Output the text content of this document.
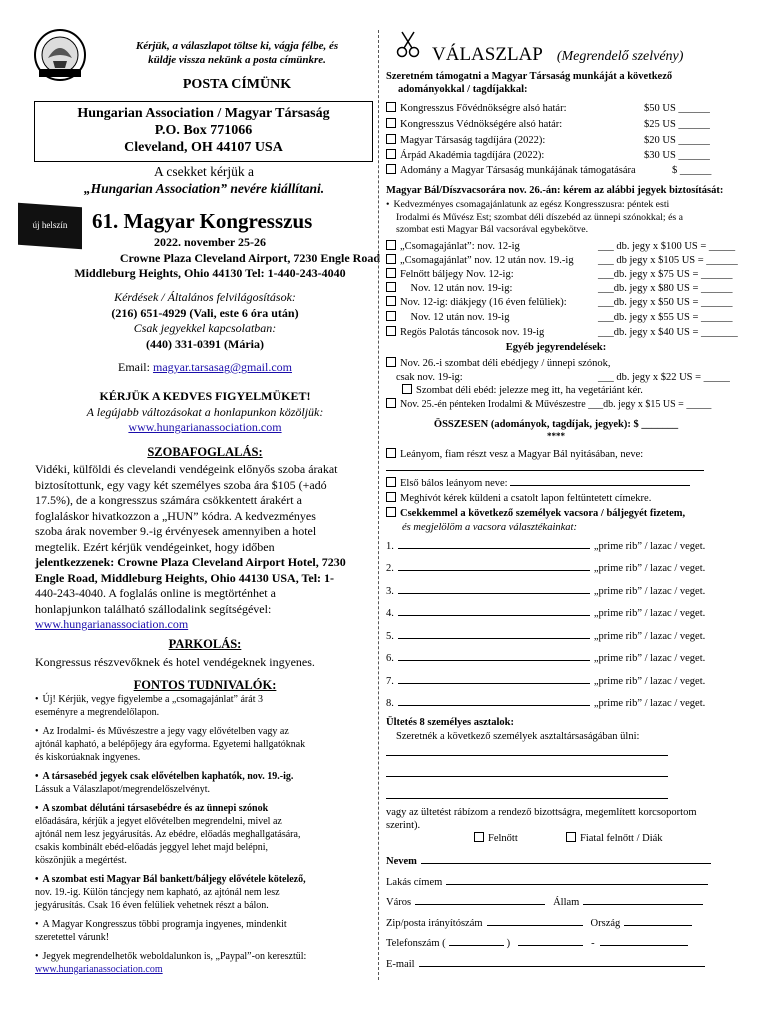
Kérjük, a válaszlapot töltse ki, vágja félbe, és
küldje vissza nekünk a posta címünkre.
POSTA CÍMÜNK
Hungarian Association / Magyar Társaság
P.O. Box 771066
Cleveland, OH 44107 USA
A csekket kérjük a
„Hungarian Association” nevére kiállítani.
új helszín	61. Magyar Kongresszus
2022. november 25-26
Crowne Plaza Cleveland Airport, 7230 Engle Road
Middleburg Heights, Ohio 44130 Tel: 1-440-243-4040
Kérdések / Általános felvilágosítások:
(216) 651-4929 (Vali, este 6 óra után)
Csak jegyekkel kapcsolatban:
(440) 331-0391 (Mária)
Email: magyar.tarsasag@gmail.com
KÉRJÜK A KEDVES FIGYELMÜKET!
A legújabb változásokat a honlapunkon közöljük:
www.hungarianassociation.com
SZOBAFOGLALÁS:
Vidéki, külföldi és clevelandi vendégeink előnyős szoba árakat
biztosítottunk, egy vagy két személyes szoba ára $105 (+adó
17.5%), de a kongresszus számára csökkentett árakért a
foglaláskor hivatkozzon a „HUN” kódra. A kedvezményes
szoba árak november 9.-ig érvényesek amennyiben a hotel
megtelik. Ezért kérjük vendégeinket, hogy időben
jelentkezzenek: Crowne Plaza Cleveland Airport Hotel, 7230
Engle Road, Middleburg Heights, Ohio 44130 USA, Tel: 1-
440-243-4040. A foglalás online is megtörténhet a
honlapjunkon található szállodalink segítségével:
www.hungarianassociation.com
PARKOLÁS:
Kongressus részvevőknek és hotel vendégeknek ingyenes.
FONTOS TUDNIVALÓK:
• Új! Kérjük, vegye figyelembe a „csomagajánlat” árát 3
eseményre a megrendelőlapon.
• Az Irodalmi- és Művészestre a jegy vagy elővételben vagy az
ajtónál kapható, a belépőjegy ára egyforma. Egyetemi hallgatóknak
és kiskorúaknak ingyenes.
• A társasebéd jegyek csak elővételben kaphatók, nov. 19.-ig.
Lássuk a Válaszlapot/megrendelőszelvényt.
• A szombat délutáni társasebédre és az ünnepi szónok
előadására, kérjük a jegyet elővételben megrendelni, mivel az
ajtónál nem lesz jegyárusítás. Az ebédre, előadás meghallgatására,
csakis kombinált ebéd-előadás jeggyel lehet majd belépni,
köszönjük a megértést.
• A szombat esti Magyar Bál bankett/báljegy elővétele kötelező,
nov. 19.-ig. Külön táncjegy nem kapható, az ajtónál nem lesz
jegyárusítás. Csak 16 éven felüliek vehetnek részt a bálon.
• A Magyar Kongresszus többi programja ingyenes, mindenkit
szeretettel várunk!
• Jegyek megrendelhetők weboldalunkon is, „Paypal”-on keresztül:
www.hungarianassociation.com
VÁLASZLAP (Megrendelő szelvény)
Szeretném támogatni a Magyar Társaság munkáját a következő
adományokkal / tagdíjakkal:
Kongresszus Fővédnökségre alsó határ:	$50 US ______
Kongresszus Védnökségére alsó határ:	$25 US ______
Magyar Társaság tagdíjára (2022):	$20 US ______
Árpád Akadémia tagdíjára (2022):	$30 US ______
Adomány a Magyar Társaság munkájának támogatására	$ ______
Magyar Bál/Díszvacsorára nov. 26.-án: kérem az alábbi jegyek biztosítását:
• Kedvezményes csomagajánlatunk az egész Kongresszusra: péntek esti
Irodalmi és Művész Est; szombat déli díszebéd az ünnepi szónokkal; és a
szombat esti Magyar Bál vacsorával egybekötve.
„Csomagajánlat”: nov. 12-ig	___ db. jegy x $100 US = _____
„Csomagajánlat” nov. 12 után nov. 19.-ig ___ db jegy x $105 US = ______
Felnőtt báljegy Nov. 12-ig:	___db. jegy x $75 US = ______
Nov. 12 után nov. 19-ig:	___db. jegy x $80 US = ______
Nov. 12-ig: diákjegy (16 éven felüliek):	___db. jegy x $50 US = ______
Nov. 12 után nov. 19-ig	___db. jegy x $55 US = ______
Regös Palotás táncosok nov. 19-ig	___db. jegy x $40 US = _______
Egyéb jegyrendelések:
Nov. 26.-i szombat déli ebédjegy / ünnepi szónok,
csak nov. 19-ig:	___ db. jegy x $22 US = _____
Szombat déli ebéd: jelezze meg itt, ha vegetáriánt kér.
Nov. 25.-én pénteken Irodalmi & Művészestre ___db. jegy x $15 US = _____
ÖSSZESEN (adományok, tagdíjak, jegyek): $ _______
****
Leányom, fiam részt vesz a Magyar Bál nyitásában, neve:
Első bálos leányom neve:
Meghívót kérek küldeni a csatolt lapon feltüntetett címekre.
Csekkemmel a következő személyek vacsora / báljegyét fizetem,
és megjelölöm a vacsora választékainkat:
1.	„prime rib” / lazac / veget.
2.	„prime rib” / lazac / veget.
3.	„prime rib” / lazac / veget.
4.	„prime rib” / lazac / veget.
5.	„prime rib” / lazac / veget.
6.	„prime rib” / lazac / veget.
7.	„prime rib” / lazac / veget.
8.	„prime rib” / lazac / veget.
Ültetés 8 személyes asztalok:
Szeretnék a következő személyek asztaltársaságában ülni:
vagy az ültetést rábízom a rendező bizottságra, megemlített korcsoportom
szerint).
Felnőtt	Fiatal felnőtt / Diák
Nevem
Lakás címem
Város	Állam
Zip/posta irányítószám	Ország
Telefonszám (	)	-
E-mail
